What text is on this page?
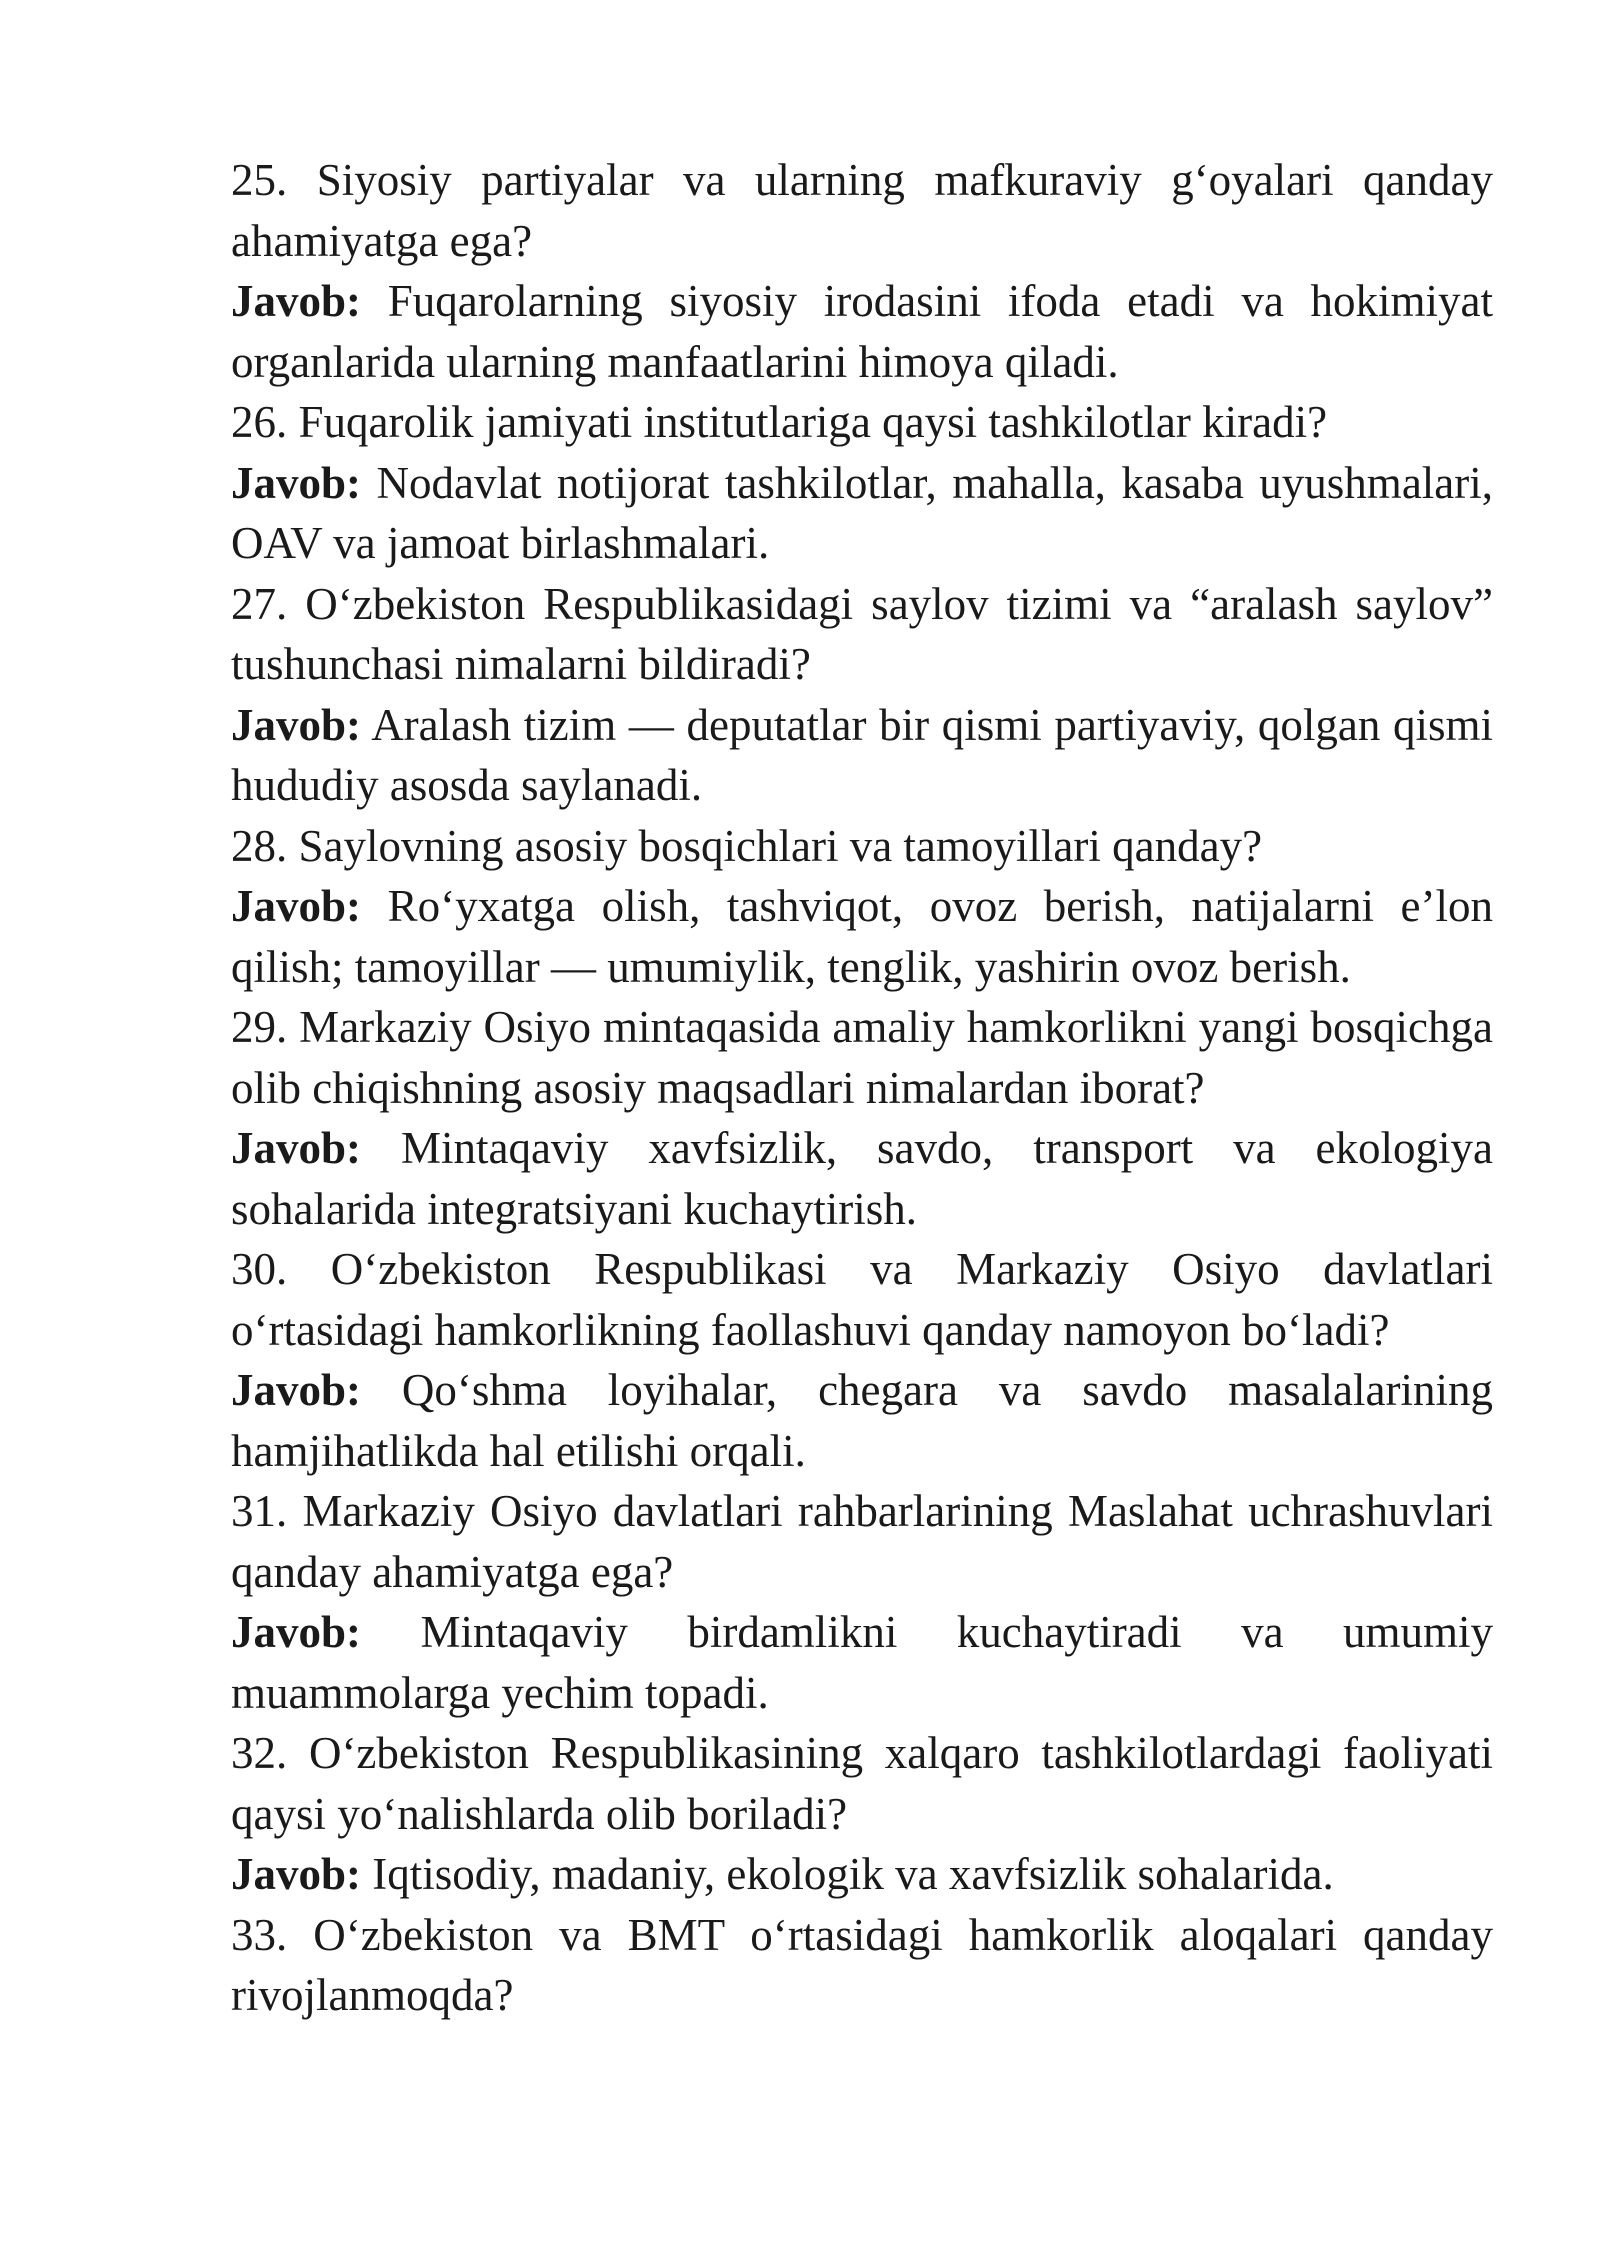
25. Siyosiy partiyalar va ularning mafkuraviy g‘oyalari qanday ahamiyatga ega?

Javob: Fuqarolarning siyosiy irodasini ifoda etadi va hokimiyat organlarida ularning manfaatlarini himoya qiladi.

26. Fuqarolik jamiyati institutlariga qaysi tashkilotlar kiradi?

Javob: Nodavlat notijorat tashkilotlar, mahalla, kasaba uyushmalari, OAV va jamoat birlashmalari.

27. O‘zbekiston Respublikasidagi saylov tizimi va “aralash saylov” tushunchasi nimalarni bildiradi?

Javob: Aralash tizim — deputatlar bir qismi partiyaviy, qolgan qismi hududiy asosda saylanadi.

28. Saylovning asosiy bosqichlari va tamoyillari qanday?

Javob: Ro‘yxatga olish, tashviqot, ovoz berish, natijalarni e’lon qilish; tamoyillar — umumiylik, tenglik, yashirin ovoz berish.

29. Markaziy Osiyo mintaqasida amaliy hamkorlikni yangi bosqichga olib chiqishning asosiy maqsadlari nimalardan iborat?

Javob: Mintaqaviy xavfsizlik, savdo, transport va ekologiya sohalarida integratsiyani kuchaytirish.

30. O‘zbekiston Respublikasi va Markaziy Osiyo davlatlari o‘rtasidagi hamkorlikning faollashuvi qanday namoyon bo‘ladi?

Javob: Qo‘shma loyihalar, chegara va savdo masalalarining hamjihatlikda hal etilishi orqali.

31. Markaziy Osiyo davlatlari rahbarlarining Maslahat uchrashuvlari qanday ahamiyatga ega?

Javob: Mintaqaviy birdamlikni kuchaytiradi va umumiy muammolarga yechim topadi.

32. O‘zbekiston Respublikasining xalqaro tashkilotlardagi faoliyati qaysi yo‘nalishlarda olib boriladi?

Javob: Iqtisodiy, madaniy, ekologik va xavfsizlik sohalarida.

33. O‘zbekiston va BMT o‘rtasidagi hamkorlik aloqalari qanday rivojlanmoqda?
